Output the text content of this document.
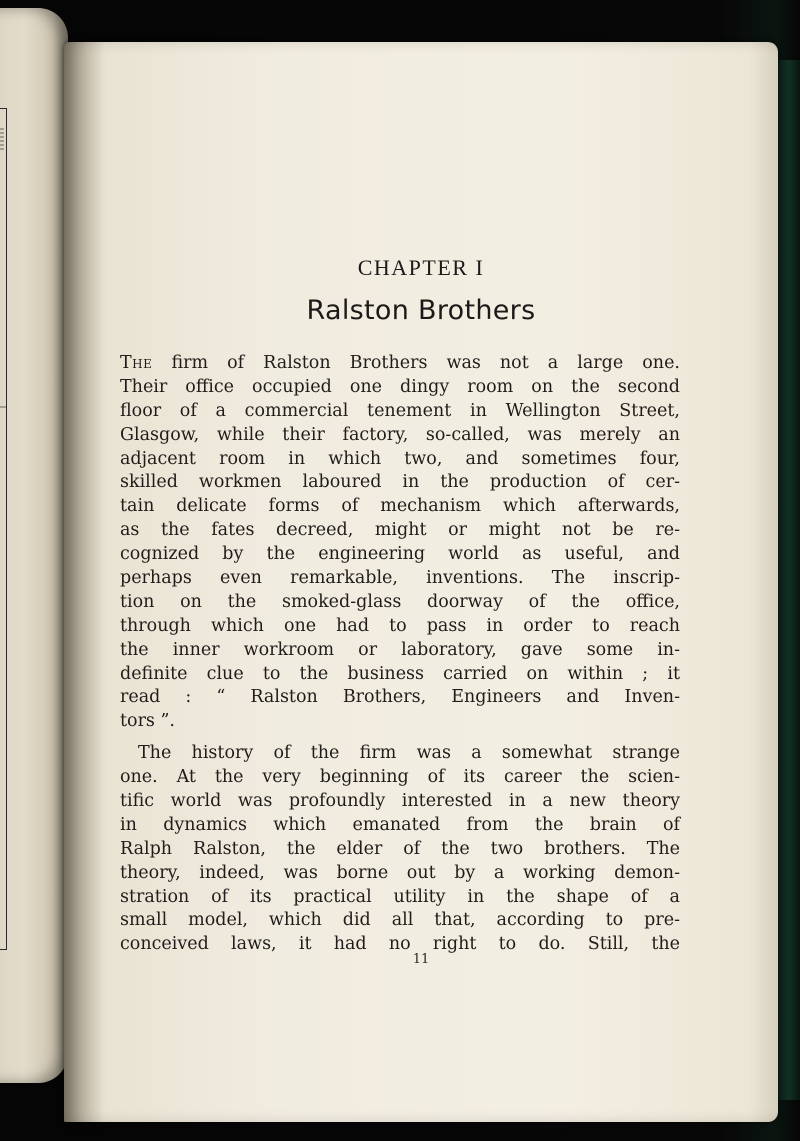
CHAPTER I
Ralston Brothers
The firm of Ralston Brothers was not a large one.
Their office occupied one dingy room on the second
floor of a commercial tenement in Wellington Street,
Glasgow, while their factory, so-called, was merely an
adjacent room in which two, and sometimes four,
skilled workmen laboured in the production of cer-
tain delicate forms of mechanism which afterwards,
as the fates decreed, might or might not be re-
cognized by the engineering world as useful, and
perhaps even remarkable, inventions. The inscrip-
tion on the smoked-glass doorway of the office,
through which one had to pass in order to reach
the inner workroom or laboratory, gave some in-
definite clue to the business carried on within ; it
read : “ Ralston Brothers, Engineers and Inven-
tors ”.
The history of the firm was a somewhat strange
one. At the very beginning of its career the scien-
tific world was profoundly interested in a new theory
in dynamics which emanated from the brain of
Ralph Ralston, the elder of the two brothers. The
theory, indeed, was borne out by a working demon-
stration of its practical utility in the shape of a
small model, which did all that, according to pre-
conceived laws, it had no right to do. Still, the
11
